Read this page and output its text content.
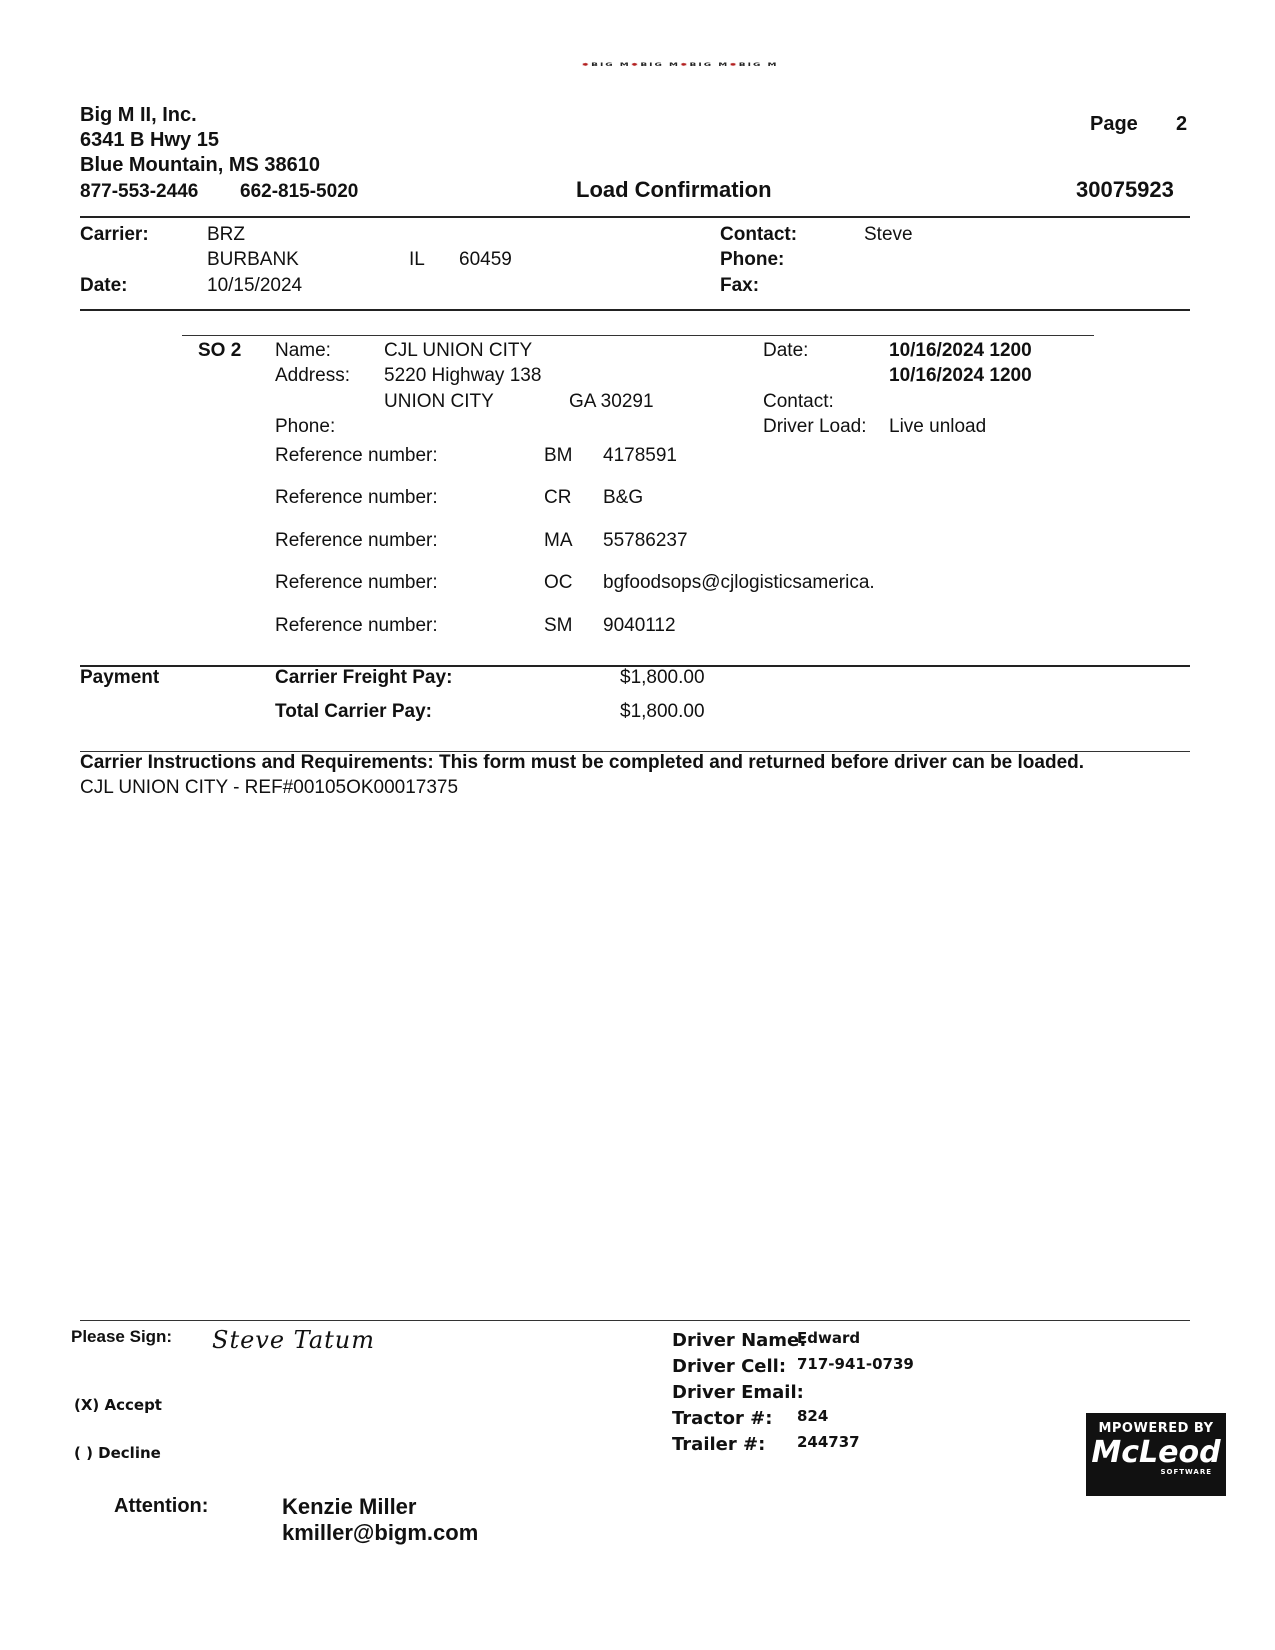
✹ BIG M ✹ BIG M ✹ BIG M ✹ BIG M
Big M II, Inc.
6341 B Hwy 15
Blue Mountain, MS 38610
877-553-2446 662-815-5020
Page 2
Load Confirmation	30075923
Carrier:	BRZ
BURBANK	IL 60459
Date:	10/15/2024
Contact:	Steve
Phone:
Fax:
SO 2 Name:	CJL UNION CITY
Address: 5220 Highway 138
UNION CITY	GA 30291
Phone:
Date:	10/16/2024 1200
10/16/2024 1200
Contact:
Driver Load: Live unload
Reference number:	BM 4178591
Reference number:	CR B&G
Reference number:	MA 55786237
Reference number:	OC bgfoodsops@cjlogisticsamerica.
Reference number:	SM 9040112
Payment	Carrier Freight Pay:	$1,800.00
Total Carrier Pay:	$1,800.00
Carrier Instructions and Requirements: This form must be completed and returned before driver can be loaded.
CJL UNION CITY - REF#00105OK00017375
Please Sign: Steve Tatum
(X) Accept
( ) Decline
Attention:	Kenzie Miller
kmiller@bigm.com
Driver Name:
Edward
Driver Cell: 717-941-0739
Driver Email:
Tractor #: 824
Trailer #: 244737
MPOWERED BY
McLeod
SOFTWARE
